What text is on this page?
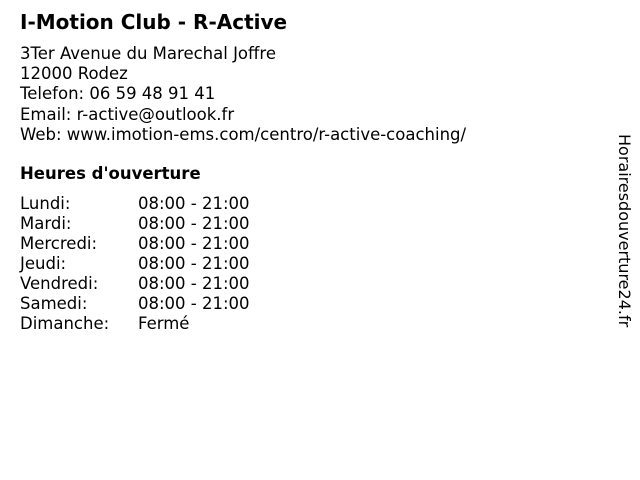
I-Motion Club - R-Active
3Ter Avenue du Marechal Joffre
12000 Rodez
Telefon: 06 59 48 91 41
Email: r-active@outlook.fr
Web: www.imotion-ems.com/centro/r-active-coaching/
Heures d'ouverture
Lundi:	08:00 - 21:00
Mardi:	08:00 - 21:00
Mercredi: 08:00 - 21:00
Jeudi:	08:00 - 21:00
Vendredi: 08:00 - 21:00
Samedi:	08:00 - 21:00
Dimanche: Fermé	Horairesdouverture24.fr
